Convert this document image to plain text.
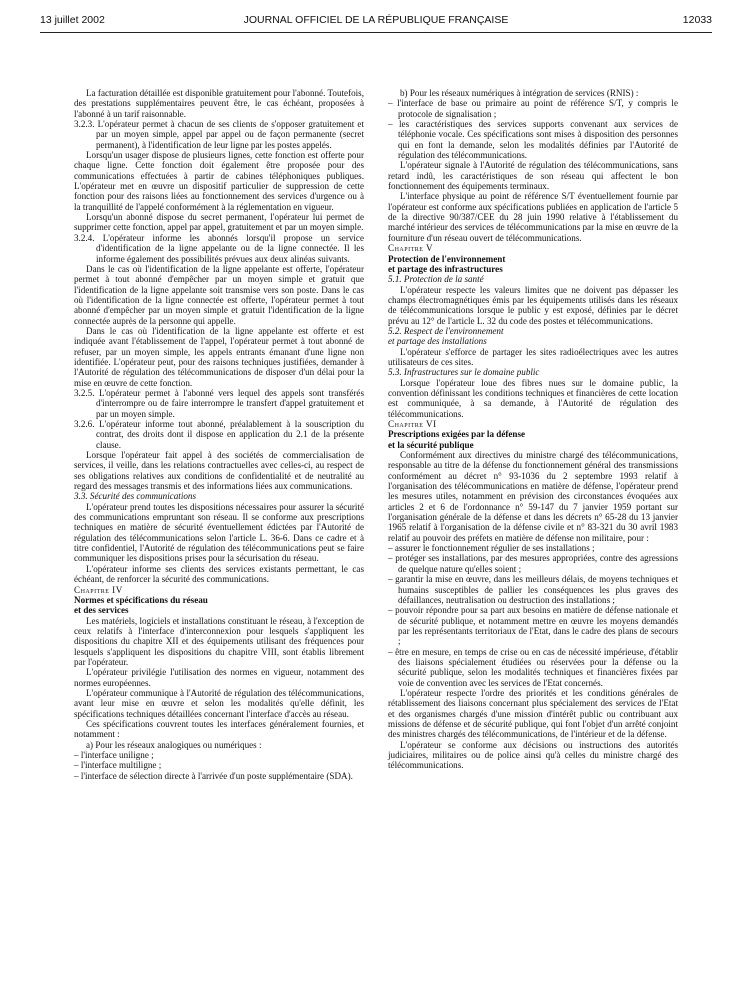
13 juillet 2002	JOURNAL OFFICIEL DE LA RÉPUBLIQUE FRANÇAISE	12033

La facturation détaillée est disponible gratuitement pour l'abonné. Toutefois, des prestations supplémentaires peuvent être, le cas échéant, proposées à l'abonné à un tarif raisonnable.

3.2.3. L'opérateur permet à chacun de ses clients de s'opposer gratuitement et par un moyen simple, appel par appel ou de façon permanente (secret permanent), à l'identification de leur ligne par les postes appelés.

Lorsqu'un usager dispose de plusieurs lignes, cette fonction est offerte pour chaque ligne. Cette fonction doit également être proposée pour des communications effectuées à partir de cabines téléphoniques publiques. L'opérateur met en œuvre un dispositif particulier de suppression de cette fonction pour des raisons liées au fonctionnement des services d'urgence ou à la tranquillité de l'appelé conformément à la réglementation en vigueur.

Lorsqu'un abonné dispose du secret permanent, l'opérateur lui permet de supprimer cette fonction, appel par appel, gratuitement et par un moyen simple.

3.2.4. L'opérateur informe les abonnés lorsqu'il propose un service d'identification de la ligne appelante ou de la ligne connectée. Il les informe également des possibilités prévues aux deux alinéas suivants.

Dans le cas où l'identification de la ligne appelante est offerte, l'opérateur permet à tout abonné d'empêcher par un moyen simple et gratuit que l'identification de la ligne appelante soit transmise vers son poste. Dans le cas où l'identification de la ligne connectée est offerte, l'opérateur permet à tout abonné d'empêcher par un moyen simple et gratuit l'identification de la ligne connectée auprès de la personne qui appelle.

Dans le cas où l'identification de la ligne appelante est offerte et est indiquée avant l'établissement de l'appel, l'opérateur permet à tout abonné de refuser, par un moyen simple, les appels entrants émanant d'une ligne non identifiée. L'opérateur peut, pour des raisons techniques justifiées, demander à l'Autorité de régulation des télécommunications de disposer d'un délai pour la mise en œuvre de cette fonction.

3.2.5. L'opérateur permet à l'abonné vers lequel des appels sont transférés d'interrompre ou de faire interrompre le transfert d'appel gratuitement et par un moyen simple.

3.2.6. L'opérateur informe tout abonné, préalablement à la souscription du contrat, des droits dont il dispose en application du 2.1 de la présente clause.

Lorsque l'opérateur fait appel à des sociétés de commercialisation de services, il veille, dans les relations contractuelles avec celles-ci, au respect de ses obligations relatives aux conditions de confidentialité et de neutralité au regard des messages transmis et des informations liées aux communications.

3.3. Sécurité des communications

L'opérateur prend toutes les dispositions nécessaires pour assurer la sécurité des communications empruntant son réseau. Il se conforme aux prescriptions techniques en matière de sécurité éventuellement édictées par l'Autorité de régulation des télécommunications selon l'article L. 36-6. Dans ce cadre et à titre confidentiel, l'Autorité de régulation des télécommunications peut se faire communiquer les dispositions prises pour la sécurisation du réseau.

L'opérateur informe ses clients des services existants permettant, le cas échéant, de renforcer la sécurité des communications.

Chapitre IV

Normes et spécifications du réseau
et des services

Les matériels, logiciels et installations constituant le réseau, à l'exception de ceux relatifs à l'interface d'interconnexion pour lesquels s'appliquent les dispositions du chapitre XII et des équipements utilisant des fréquences pour lesquels s'appliquent les dispositions du chapitre VIII, sont établis librement par l'opérateur.

L'opérateur privilégie l'utilisation des normes en vigueur, notamment des normes européennes.

L'opérateur communique à l'Autorité de régulation des télécommunications, avant leur mise en œuvre et selon les modalités qu'elle définit, les spécifications techniques détaillées concernant l'interface d'accès au réseau.

Ces spécifications couvrent toutes les interfaces généralement fournies, et notamment :

a) Pour les réseaux analogiques ou numériques :

– l'interface uniligne ;

– l'interface multiligne ;

– l'interface de sélection directe à l'arrivée d'un poste supplémentaire (SDA).

b) Pour les réseaux numériques à intégration de services (RNIS) :

– l'interface de base ou primaire au point de référence S/T, y compris le protocole de signalisation ;

– les caractéristiques des services supports convenant aux services de téléphonie vocale. Ces spécifications sont mises à disposition des personnes qui en font la demande, selon les modalités définies par l'Autorité de régulation des télécommunications.

L'opérateur signale à l'Autorité de régulation des télécommunications, sans retard indû, les caractéristiques de son réseau qui affectent le bon fonctionnement des équipements terminaux.

L'interface physique au point de référence S/T éventuellement fournie par l'opérateur est conforme aux spécifications publiées en application de l'article 5 de la directive 90/387/CEE du 28 juin 1990 relative à l'établissement du marché intérieur des services de télécommunications par la mise en œuvre de la fourniture d'un réseau ouvert de télécommunications.

Chapitre V

Protection de l'environnement
et partage des infrastructures

5.1. Protection de la santé

L'opérateur respecte les valeurs limites que ne doivent pas dépasser les champs électromagnétiques émis par les équipements utilisés dans les réseaux de télécommunications lorsque le public y est exposé, définies par le décret prévu au 12° de l'article L. 32 du code des postes et télécommunications.

5.2. Respect de l'environnement
et partage des installations

L'opérateur s'efforce de partager les sites radioélectriques avec les autres utilisateurs de ces sites.

5.3. Infrastructures sur le domaine public

Lorsque l'opérateur loue des fibres nues sur le domaine public, la convention définissant les conditions techniques et financières de cette location est communiquée, à sa demande, à l'Autorité de régulation des télécommunications.

Chapitre VI

Prescriptions exigées par la défense
et la sécurité publique

Conformément aux directives du ministre chargé des télécommunications, responsable au titre de la défense du fonctionnement général des transmissions conformément au décret n° 93-1036 du 2 septembre 1993 relatif à l'organisation des télécommunications en matière de défense, l'opérateur prend les mesures utiles, notamment en prévision des circonstances évoquées aux articles 2 et 6 de l'ordonnance n° 59-147 du 7 janvier 1959 portant sur l'organisation générale de la défense et dans les décrets n° 65-28 du 13 janvier 1965 relatif à l'organisation de la défense civile et n° 83-321 du 30 avril 1983 relatif au pouvoir des préfets en matière de défense non militaire, pour :

– assurer le fonctionnement régulier de ses installations ;

– protéger ses installations, par des mesures appropriées, contre des agressions de quelque nature qu'elles soient ;

– garantir la mise en œuvre, dans les meilleurs délais, de moyens techniques et humains susceptibles de pallier les conséquences les plus graves des défaillances, neutralisation ou destruction des installations ;

– pouvoir répondre pour sa part aux besoins en matière de défense nationale et de sécurité publique, et notamment mettre en œuvre les moyens demandés par les représentants territoriaux de l'Etat, dans le cadre des plans de secours ;

– être en mesure, en temps de crise ou en cas de nécessité impérieuse, d'établir des liaisons spécialement étudiées ou réservées pour la défense ou la sécurité publique, selon les modalités techniques et financières fixées par voie de convention avec les services de l'Etat concernés.

L'opérateur respecte l'ordre des priorités et les conditions générales de rétablissement des liaisons concernant plus spécialement des services de l'Etat et des organismes chargés d'une mission d'intérêt public ou contribuant aux missions de défense et de sécurité publique, qui font l'objet d'un arrêté conjoint des ministres chargés des télécommunications, de l'intérieur et de la défense.

L'opérateur se conforme aux décisions ou instructions des autorités judiciaires, militaires ou de police ainsi qu'à celles du ministre chargé des télécommunications.
